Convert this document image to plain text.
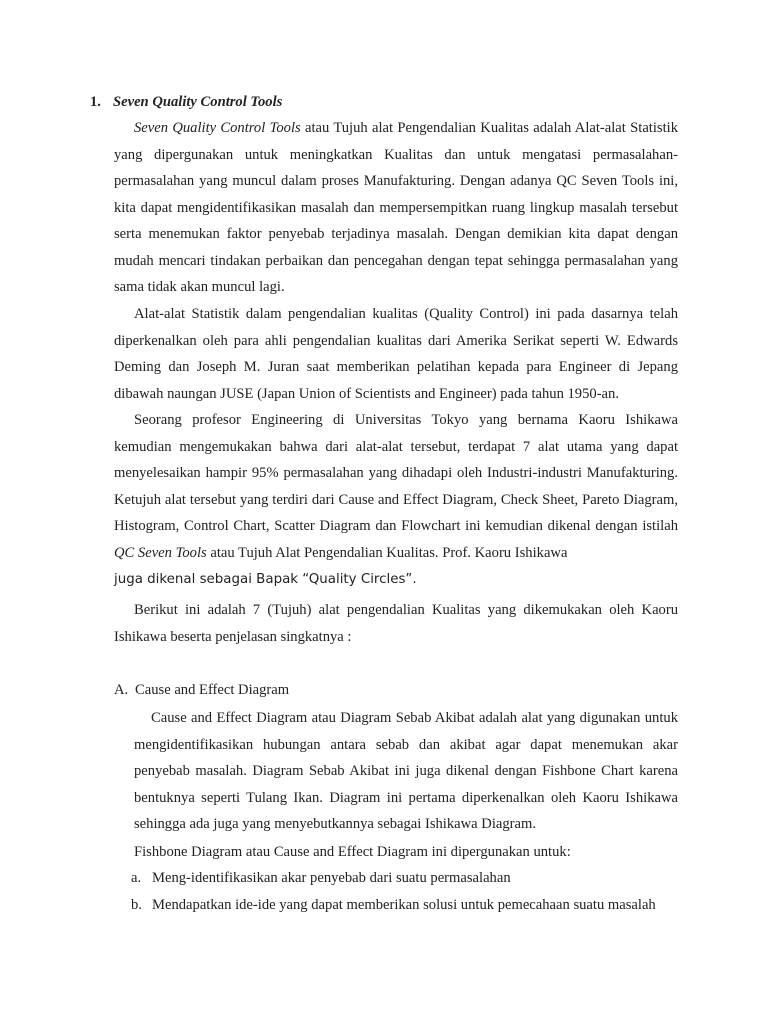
1. Seven Quality Control Tools

Seven Quality Control Tools atau Tujuh alat Pengendalian Kualitas adalah Alat-alat Statistik yang dipergunakan untuk meningkatkan Kualitas dan untuk mengatasi permasalahan-permasalahan yang muncul dalam proses Manufakturing. Dengan adanya QC Seven Tools ini, kita dapat mengidentifikasikan masalah dan mempersempitkan ruang lingkup masalah tersebut serta menemukan faktor penyebab terjadinya masalah. Dengan demikian kita dapat dengan mudah mencari tindakan perbaikan dan pencegahan dengan tepat sehingga permasalahan yang sama tidak akan muncul lagi.

Alat-alat Statistik dalam pengendalian kualitas (Quality Control) ini pada dasarnya telah diperkenalkan oleh para ahli pengendalian kualitas dari Amerika Serikat seperti W. Edwards Deming dan Joseph M. Juran saat memberikan pelatihan kepada para Engineer di Jepang dibawah naungan JUSE (Japan Union of Scientists and Engineer) pada tahun 1950-an.

Seorang profesor Engineering di Universitas Tokyo yang bernama Kaoru Ishikawa kemudian mengemukakan bahwa dari alat-alat tersebut, terdapat 7 alat utama yang dapat menyelesaikan hampir 95% permasalahan yang dihadapi oleh Industri-industri Manufakturing. Ketujuh alat tersebut yang terdiri dari Cause and Effect Diagram, Check Sheet, Pareto Diagram, Histogram, Control Chart, Scatter Diagram dan Flowchart ini kemudian dikenal dengan istilah QC Seven Tools atau Tujuh Alat Pengendalian Kualitas. Prof. Kaoru Ishikawa
juga dikenal sebagai Bapak “Quality Circles”.

Berikut ini adalah 7 (Tujuh) alat pengendalian Kualitas yang dikemukakan oleh Kaoru Ishikawa beserta penjelasan singkatnya :

A. Cause and Effect Diagram

Cause and Effect Diagram atau Diagram Sebab Akibat adalah alat yang digunakan untuk mengidentifikasikan hubungan antara sebab dan akibat agar dapat menemukan akar penyebab masalah. Diagram Sebab Akibat ini juga dikenal dengan Fishbone Chart karena bentuknya seperti Tulang Ikan. Diagram ini pertama diperkenalkan oleh Kaoru Ishikawa sehingga ada juga yang menyebutkannya sebagai Ishikawa Diagram.

Fishbone Diagram atau Cause and Effect Diagram ini dipergunakan untuk:
a. Meng-identifikasikan akar penyebab dari suatu permasalahan
b. Mendapatkan ide-ide yang dapat memberikan solusi untuk pemecahaan suatu masalah
